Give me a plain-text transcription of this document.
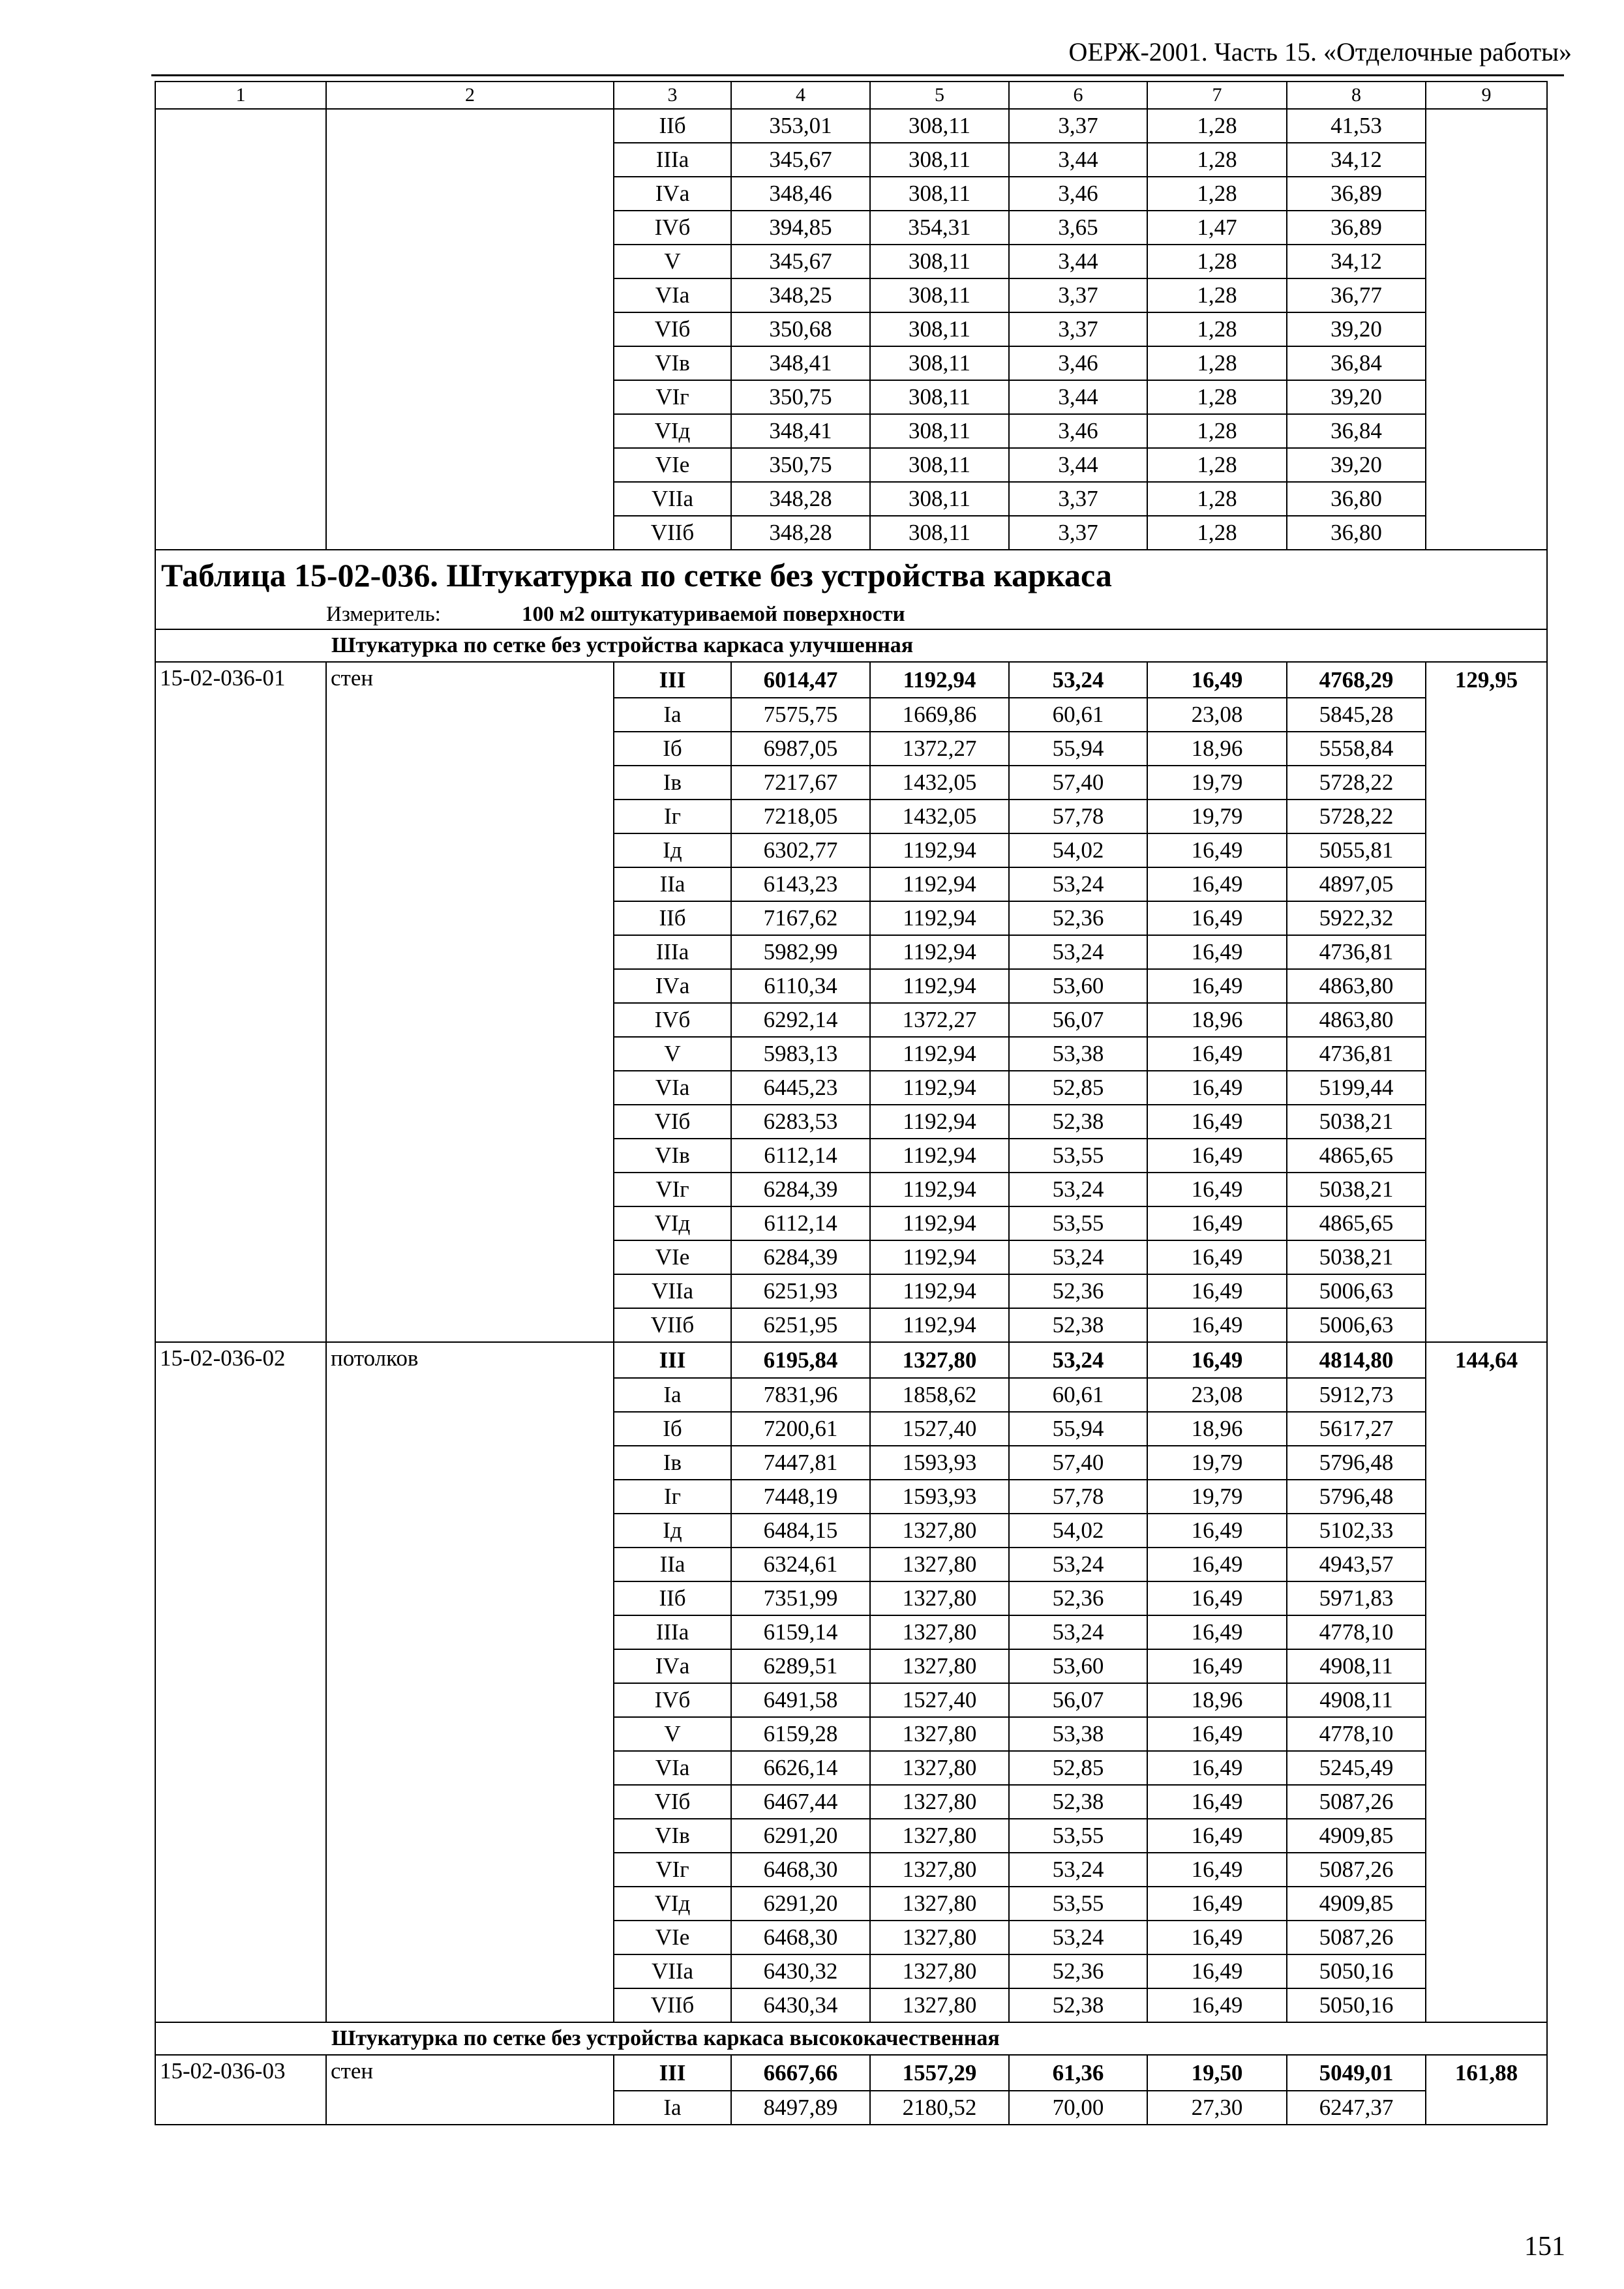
ОЕРЖ-2001. Часть 15. «Отделочные работы»
1	2	3	4	5	6	7	8	9
		IIб	353,01	308,11	3,37	1,28	41,53	
		IIIа	345,67	308,11	3,44	1,28	34,12	
		IVа	348,46	308,11	3,46	1,28	36,89	
		IVб	394,85	354,31	3,65	1,47	36,89	
		V	345,67	308,11	3,44	1,28	34,12	
		VIа	348,25	308,11	3,37	1,28	36,77	
		VIб	350,68	308,11	3,37	1,28	39,20	
		VIв	348,41	308,11	3,46	1,28	36,84	
		VIг	350,75	308,11	3,44	1,28	39,20	
		VIд	348,41	308,11	3,46	1,28	36,84	
		VIе	350,75	308,11	3,44	1,28	39,20	
		VIIа	348,28	308,11	3,37	1,28	36,80	
		VIIб	348,28	308,11	3,37	1,28	36,80	
Таблица 15-02-036. Штукатурка по сетке без устройства каркаса								
	Измеритель: 100 м2 оштукатуриваемой поверхности							
	Штукатурка по сетке без устройства каркаса улучшенная							
15-02-036-01	стен	III	6014,47	1192,94	53,24	16,49	4768,29	129,95
		Iа	7575,75	1669,86	60,61	23,08	5845,28	
		Iб	6987,05	1372,27	55,94	18,96	5558,84	
		Iв	7217,67	1432,05	57,40	19,79	5728,22	
		Iг	7218,05	1432,05	57,78	19,79	5728,22	
		Iд	6302,77	1192,94	54,02	16,49	5055,81	
		IIа	6143,23	1192,94	53,24	16,49	4897,05	
		IIб	7167,62	1192,94	52,36	16,49	5922,32	
		IIIа	5982,99	1192,94	53,24	16,49	4736,81	
		IVа	6110,34	1192,94	53,60	16,49	4863,80	
		IVб	6292,14	1372,27	56,07	18,96	4863,80	
		V	5983,13	1192,94	53,38	16,49	4736,81	
		VIа	6445,23	1192,94	52,85	16,49	5199,44	
		VIб	6283,53	1192,94	52,38	16,49	5038,21	
		VIв	6112,14	1192,94	53,55	16,49	4865,65	
		VIг	6284,39	1192,94	53,24	16,49	5038,21	
		VIд	6112,14	1192,94	53,55	16,49	4865,65	
		VIе	6284,39	1192,94	53,24	16,49	5038,21	
		VIIа	6251,93	1192,94	52,36	16,49	5006,63	
		VIIб	6251,95	1192,94	52,38	16,49	5006,63	
15-02-036-02	потолков	III	6195,84	1327,80	53,24	16,49	4814,80	144,64
		Iа	7831,96	1858,62	60,61	23,08	5912,73	
		Iб	7200,61	1527,40	55,94	18,96	5617,27	
		Iв	7447,81	1593,93	57,40	19,79	5796,48	
		Iг	7448,19	1593,93	57,78	19,79	5796,48	
		Iд	6484,15	1327,80	54,02	16,49	5102,33	
		IIа	6324,61	1327,80	53,24	16,49	4943,57	
		IIб	7351,99	1327,80	52,36	16,49	5971,83	
		IIIа	6159,14	1327,80	53,24	16,49	4778,10	
		IVа	6289,51	1327,80	53,60	16,49	4908,11	
		IVб	6491,58	1527,40	56,07	18,96	4908,11	
		V	6159,28	1327,80	53,38	16,49	4778,10	
		VIа	6626,14	1327,80	52,85	16,49	5245,49	
		VIб	6467,44	1327,80	52,38	16,49	5087,26	
		VIв	6291,20	1327,80	53,55	16,49	4909,85	
		VIг	6468,30	1327,80	53,24	16,49	5087,26	
		VIд	6291,20	1327,80	53,55	16,49	4909,85	
		VIе	6468,30	1327,80	53,24	16,49	5087,26	
		VIIа	6430,32	1327,80	52,36	16,49	5050,16	
		VIIб	6430,34	1327,80	52,38	16,49	5050,16	
	Штукатурка по сетке без устройства каркаса высококачественная							
15-02-036-03	стен	III	6667,66	1557,29	61,36	19,50	5049,01	161,88
		Iа	8497,89	2180,52	70,00	27,30	6247,37	
151
